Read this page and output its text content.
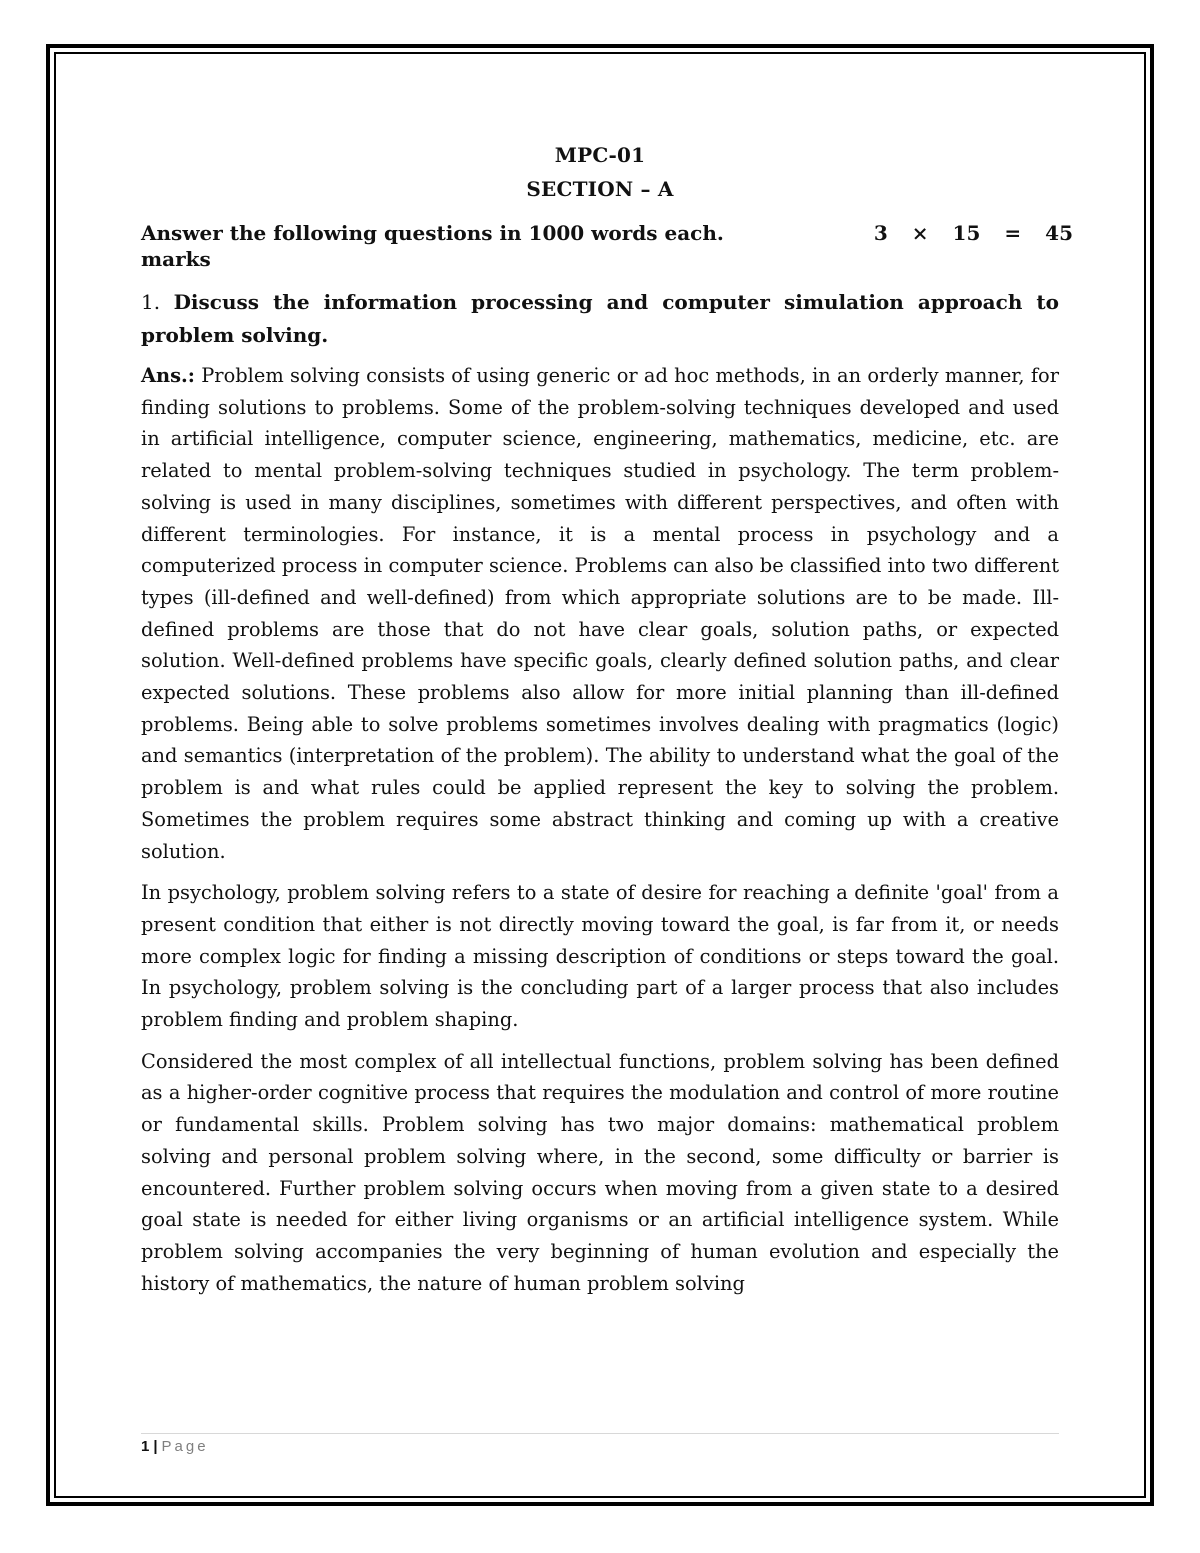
MPC-01
SECTION – A
Answer the following questions in 1000 words each.	3 × 15 = 45
marks
1. Discuss the information processing and computer simulation approach to problem solving.

Ans.: Problem solving consists of using generic or ad hoc methods, in an orderly manner, for finding solutions to problems. Some of the problem-solving techniques developed and used in artificial intelligence, computer science, engineering, mathematics, medicine, etc. are related to mental problem-solving techniques studied in psychology. The term problem-solving is used in many disciplines, sometimes with different perspectives, and often with different terminologies. For instance, it is a mental process in psychology and a computerized process in computer science. Problems can also be classified into two different types (ill-defined and well-defined) from which appropriate solutions are to be made. Ill-defined problems are those that do not have clear goals, solution paths, or expected solution. Well-defined problems have specific goals, clearly defined solution paths, and clear expected solutions. These problems also allow for more initial planning than ill-defined problems. Being able to solve problems sometimes involves dealing with pragmatics (logic) and semantics (interpretation of the problem). The ability to understand what the goal of the problem is and what rules could be applied represent the key to solving the problem. Sometimes the problem requires some abstract thinking and coming up with a creative solution.

In psychology, problem solving refers to a state of desire for reaching a definite 'goal' from a present condition that either is not directly moving toward the goal, is far from it, or needs more complex logic for finding a missing description of conditions or steps toward the goal. In psychology, problem solving is the concluding part of a larger process that also includes problem finding and problem shaping.

Considered the most complex of all intellectual functions, problem solving has been defined as a higher-order cognitive process that requires the modulation and control of more routine or fundamental skills. Problem solving has two major domains: mathematical problem solving and personal problem solving where, in the second, some difficulty or barrier is encountered. Further problem solving occurs when moving from a given state to a desired goal state is needed for either living organisms or an artificial intelligence system. While problem solving accompanies the very beginning of human evolution and especially the history of mathematics, the nature of human problem solving

1 | Page
